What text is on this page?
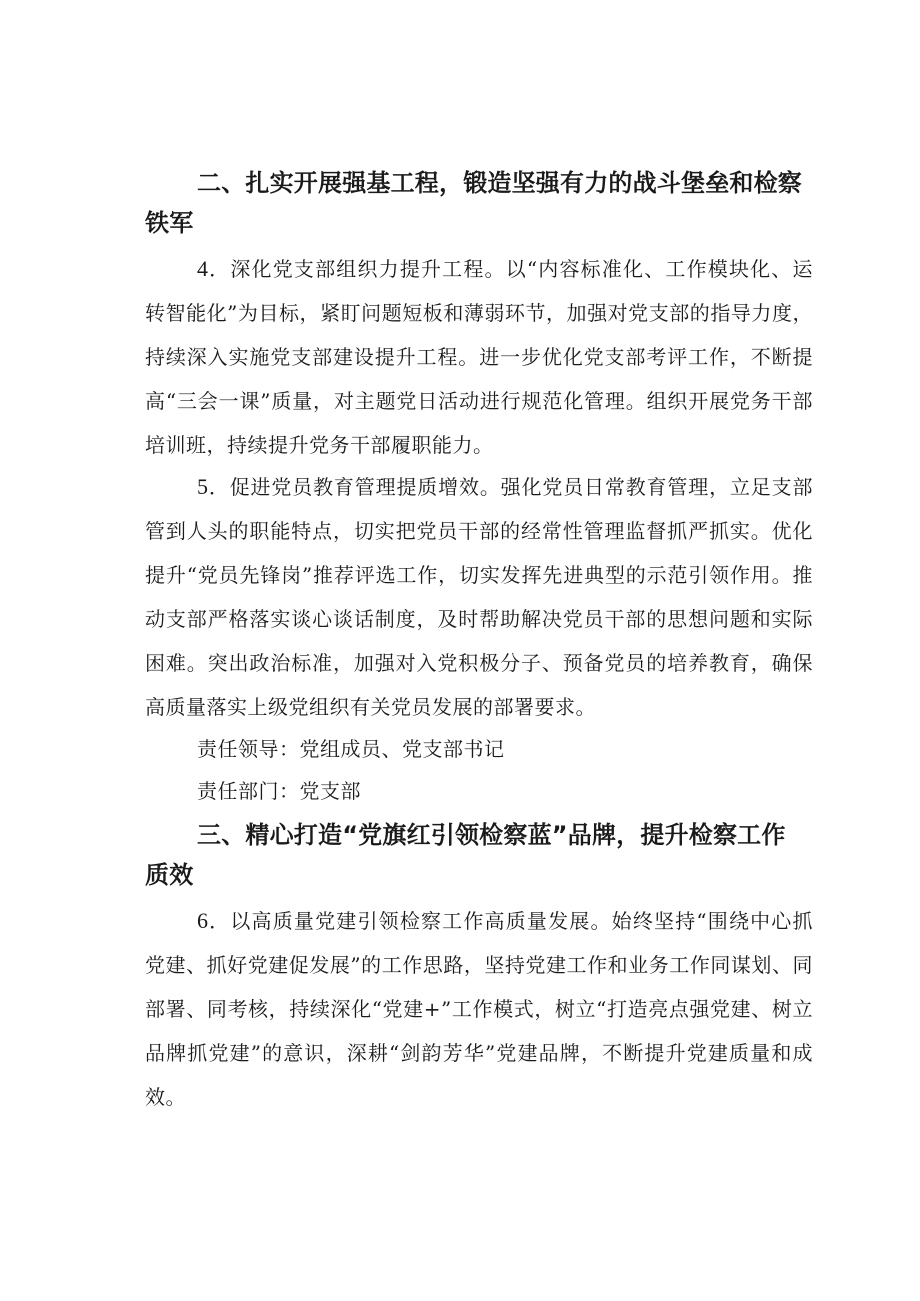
二、扎实开展强基工程，锻造坚强有力的战斗堡垒和检察铁军

4．深化党支部组织力提升工程。以“内容标准化、工作模块化、运转智能化”为目标，紧盯问题短板和薄弱环节，加强对党支部的指导力度，持续深入实施党支部建设提升工程。进一步优化党支部考评工作，不断提高“三会一课”质量，对主题党日活动进行规范化管理。组织开展党务干部培训班，持续提升党务干部履职能力。

5．促进党员教育管理提质增效。强化党员日常教育管理，立足支部管到人头的职能特点，切实把党员干部的经常性管理监督抓严抓实。优化提升“党员先锋岗”推荐评选工作，切实发挥先进典型的示范引领作用。推动支部严格落实谈心谈话制度，及时帮助解决党员干部的思想问题和实际困难。突出政治标准，加强对入党积极分子、预备党员的培养教育，确保高质量落实上级党组织有关党员发展的部署要求。

责任领导：党组成员、党支部书记

责任部门：党支部

三、精心打造“党旗红引领检察蓝”品牌，提升检察工作质效

6．以高质量党建引领检察工作高质量发展。始终坚持“围绕中心抓党建、抓好党建促发展”的工作思路，坚持党建工作和业务工作同谋划、同部署、同考核，持续深化“党建+”工作模式，树立“打造亮点强党建、树立品牌抓党建”的意识，深耕“剑韵芳华”党建品牌，不断提升党建质量和成效。
